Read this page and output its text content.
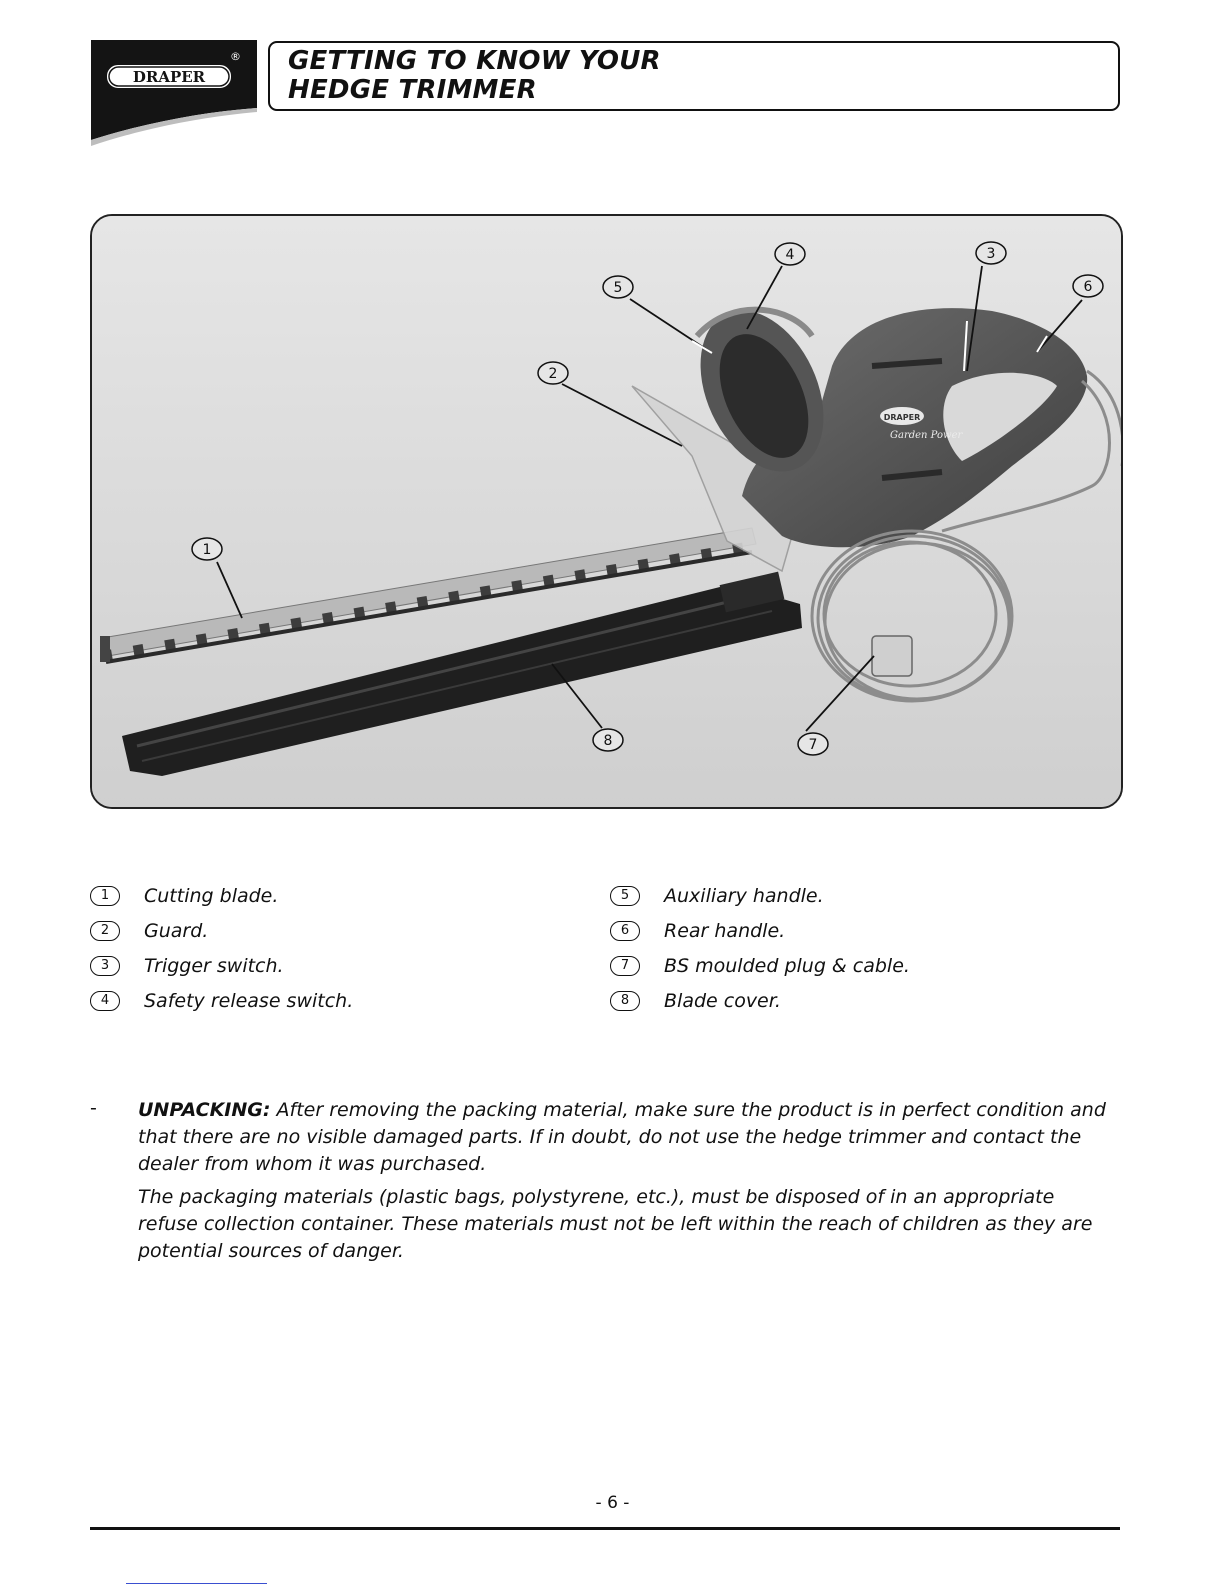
DRAPER
® GETTING TO KNOW YOUR
HEDGE TRIMMER
DRAPER
Garden Power
1
2
3
4
5	6
7
8
1	Cutting blade.
2	Guard.
3	Trigger switch.
4	Safety release switch.
5	Auxiliary handle.
6	Rear handle.
7	BS moulded plug & cable.
8	Blade cover.
-	UNPACKING: After removing the packing material, make sure the product is in perfect condition and that there are no visible damaged parts. If in doubt, do not use the hedge trimmer and contact the dealer from whom it was purchased.

The packaging materials (plastic bags, polystyrene, etc.), must be disposed of in an appropriate refuse collection container. These materials must not be left within the reach of children as they are potential sources of danger.

- 6 -
